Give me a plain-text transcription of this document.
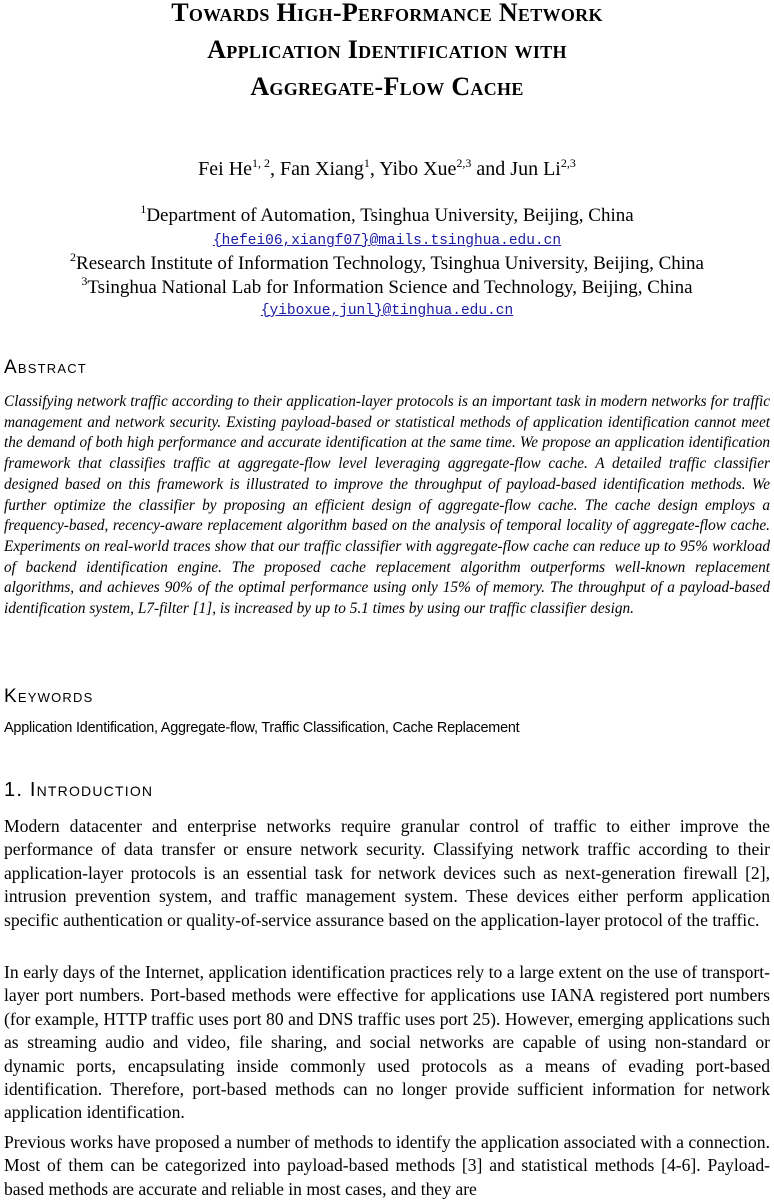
Towards High-Performance Network
Application Identification with
Aggregate-Flow Cache
Fei He$^{1, 2}$, Fan Xiang$^1$, Yibo Xue$^{2,3}$ and Jun Li$^{2,3}$
$^1$Department of Automation, Tsinghua University, Beijing, China
{hefei06,xiangf07}@mails.tsinghua.edu.cn
$^2$Research Institute of Information Technology, Tsinghua University, Beijing, China
$^3$Tsinghua National Lab for Information Science and Technology, Beijing, China
{yiboxue,junl}@tinghua.edu.cn
Abstract

Classifying network traffic according to their application-layer protocols is an important task in modern networks for traffic management and network security. Existing payload-based or statistical methods of application identification cannot meet the demand of both high performance and accurate identification at the same time. We propose an application identification framework that classifies traffic at aggregate-flow level leveraging aggregate-flow cache. A detailed traffic classifier designed based on this framework is illustrated to improve the throughput of payload-based identification methods. We further optimize the classifier by proposing an efficient design of aggregate-flow cache. The cache design employs a frequency-based, recency-aware replacement algorithm based on the analysis of temporal locality of aggregate-flow cache. Experiments on real-world traces show that our traffic classifier with aggregate-flow cache can reduce up to 95% workload of backend identification engine. The proposed cache replacement algorithm outperforms well-known replacement algorithms, and achieves 90% of the optimal performance using only 15% of memory. The throughput of a payload-based identification system, L7-filter [1], is increased by up to 5.1 times by using our traffic classifier design.

Keywords
Application Identification, Aggregate-flow, Traffic Classification, Cache Replacement
1. Introduction

Modern datacenter and enterprise networks require granular control of traffic to either improve the performance of data transfer or ensure network security. Classifying network traffic according to their application-layer protocols is an essential task for network devices such as next-generation firewall [2], intrusion prevention system, and traffic management system. These devices either perform application specific authentication or quality-of-service assurance based on the application-layer protocol of the traffic.

In early days of the Internet, application identification practices rely to a large extent on the use of transport-layer port numbers. Port-based methods were effective for applications use IANA registered port numbers (for example, HTTP traffic uses port 80 and DNS traffic uses port 25). However, emerging applications such as streaming audio and video, file sharing, and social networks are capable of using non-standard or dynamic ports, encapsulating inside commonly used protocols as a means of evading port-based identification. Therefore, port-based methods can no longer provide sufficient information for network application identification.

Previous works have proposed a number of methods to identify the application associated with a connection. Most of them can be categorized into payload-based methods [3] and statistical methods [4-6]. Payload-based methods are accurate and reliable in most cases, and they are
